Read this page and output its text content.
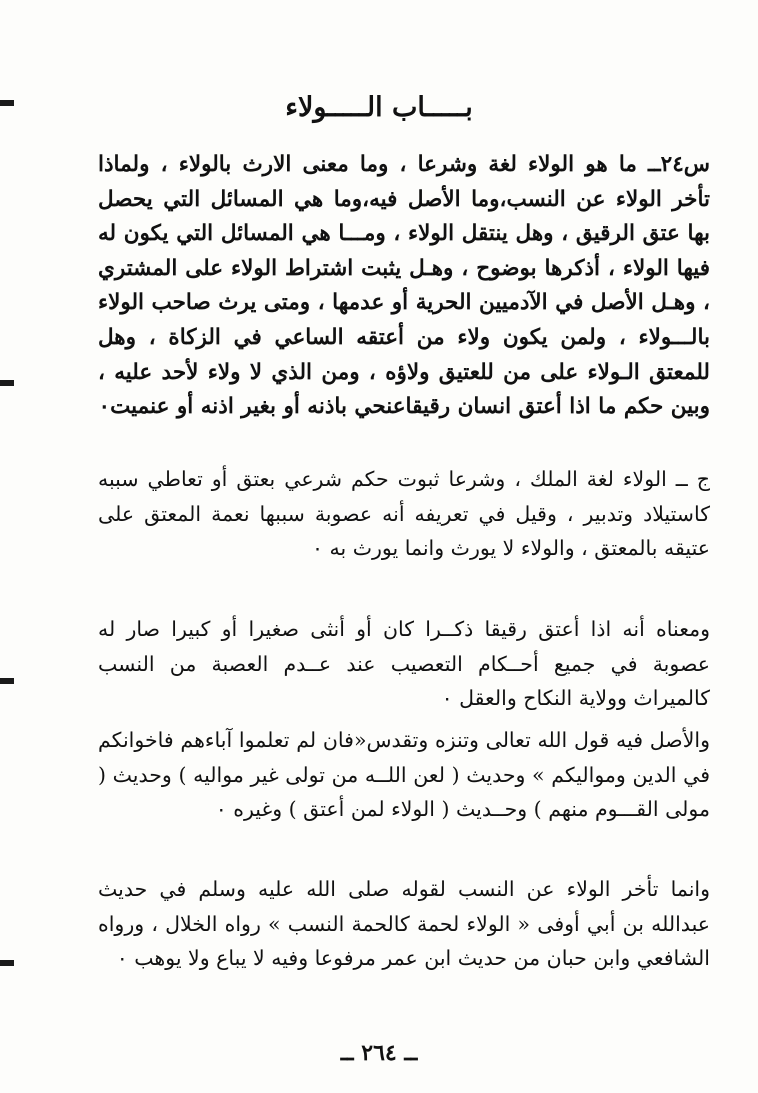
بـــــاب الـــــولاء
س٢٤ــ ما هو الولاء لغة وشرعا ، وما معنى الارث بالولاء ، ولماذا تأخر الولاء عن النسب،وما الأصل فيه،وما هي المسائل التي يحصل بها عتق الرقيق ، وهل ينتقل الولاء ، ومـــا هي المسائل التي يكون له فيها الولاء ، أذكرها بوضوح ، وهـل يثبت اشتراط الولاء على المشتري ، وهـل الأصل في الآدميين الحرية أو عدمها ، ومتى يرث صاحب الولاء بالـــولاء ، ولمن يكون ولاء من أعتقه الساعي في الزكاة ، وهل للمعتق الـولاء على من للعتيق ولاؤه ، ومن الذي لا ولاء لأحد عليه ، وبين حكم ما اذا أعتق انسان رقيقاعنحي باذنه أو بغير اذنه أو عنميت٠

ج ــ الولاء لغة الملك ، وشرعا ثبوت حكم شرعي بعتق أو تعاطي سببه كاستيلاد وتدبير ، وقيل في تعريفه أنه عصوبة سببها نعمة المعتق على عتيقه بالمعتق ، والولاء لا يورث وانما يورث به ٠

ومعناه أنه اذا أعتق رقيقا ذكــرا كان أو أنثى صغيرا أو كبيرا صار له عصوبة في جميع أحــكام التعصيب عند عــدم العصبة من النسب كالميراث وولاية النكاح والعقل ٠

والأصل فيه قول الله تعالى وتنزه وتقدس«فان لم تعلموا آباءهم فاخوانكم في الدين ومواليكم » وحديث ( لعن اللــه من تولى غير مواليه ) وحديث ( مولى القـــوم منهم ) وحــديث ( الولاء لمن أعتق ) وغيره ٠

وانما تأخر الولاء عن النسب لقوله صلى الله عليه وسلم في حديث عبدالله بن أبي أوفى « الولاء لحمة كالحمة النسب » رواه الخلال ، ورواه الشافعي وابن حبان من حديث ابن عمر مرفوعا وفيه لا يباع ولا يوهب ٠

ــ ٢٦٤ ــ
